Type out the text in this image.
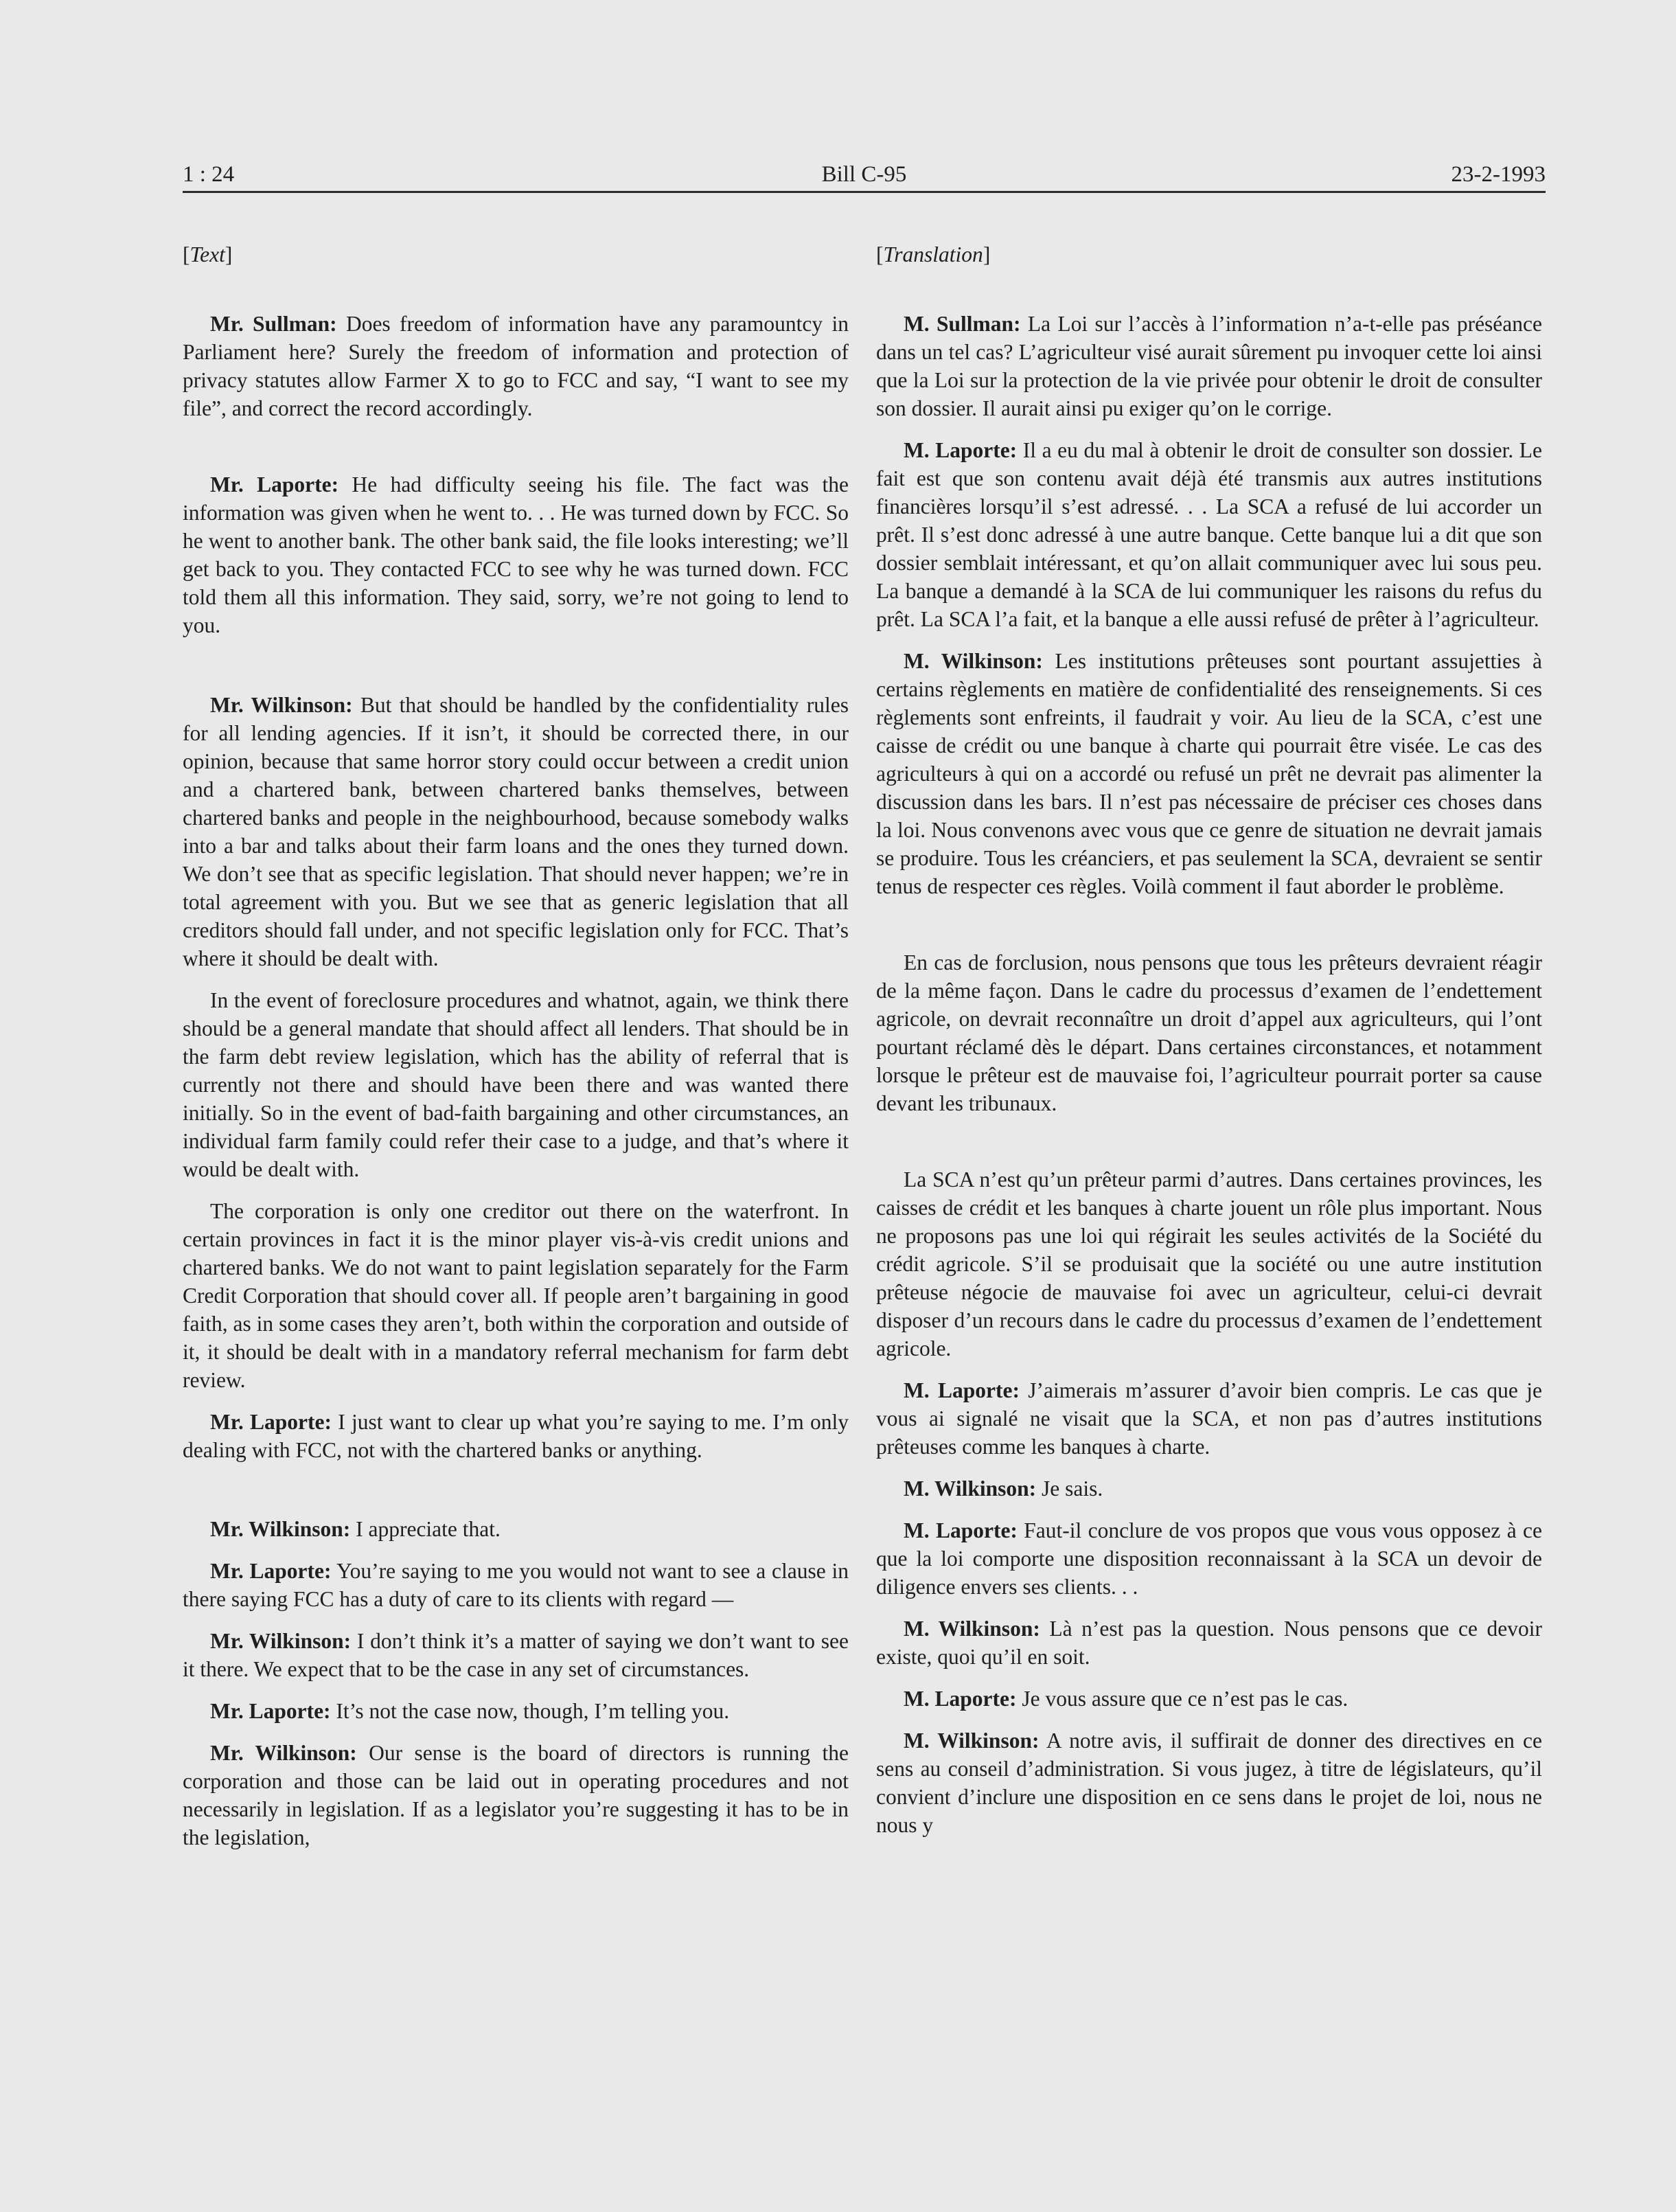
1 : 24	Bill C-95	23-2-1993
[Text]

Mr. Sullman: Does freedom of information have any paramountcy in Parliament here? Surely the freedom of information and protection of privacy statutes allow Farmer X to go to FCC and say, “I want to see my file”, and correct the record accordingly.

Mr. Laporte: He had difficulty seeing his file. The fact was the information was given when he went to. . . He was turned down by FCC. So he went to another bank. The other bank said, the file looks interesting; we’ll get back to you. They contacted FCC to see why he was turned down. FCC told them all this information. They said, sorry, we’re not going to lend to you.

Mr. Wilkinson: But that should be handled by the confidentiality rules for all lending agencies. If it isn’t, it should be corrected there, in our opinion, because that same horror story could occur between a credit union and a chartered bank, between chartered banks themselves, between chartered banks and people in the neighbourhood, because somebody walks into a bar and talks about their farm loans and the ones they turned down. We don’t see that as specific legislation. That should never happen; we’re in total agreement with you. But we see that as generic legislation that all creditors should fall under, and not specific legislation only for FCC. That’s where it should be dealt with.

In the event of foreclosure procedures and whatnot, again, we think there should be a general mandate that should affect all lenders. That should be in the farm debt review legislation, which has the ability of referral that is currently not there and should have been there and was wanted there initially. So in the event of bad-faith bargaining and other circumstances, an individual farm family could refer their case to a judge, and that’s where it would be dealt with.

The corporation is only one creditor out there on the waterfront. In certain provinces in fact it is the minor player vis-à-vis credit unions and chartered banks. We do not want to paint legislation separately for the Farm Credit Corporation that should cover all. If people aren’t bargaining in good faith, as in some cases they aren’t, both within the corporation and outside of it, it should be dealt with in a mandatory referral mechanism for farm debt review.

Mr. Laporte: I just want to clear up what you’re saying to me. I’m only dealing with FCC, not with the chartered banks or anything.

Mr. Wilkinson: I appreciate that.

Mr. Laporte: You’re saying to me you would not want to see a clause in there saying FCC has a duty of care to its clients with regard —

Mr. Wilkinson: I don’t think it’s a matter of saying we don’t want to see it there. We expect that to be the case in any set of circumstances.

Mr. Laporte: It’s not the case now, though, I’m telling you.

Mr. Wilkinson: Our sense is the board of directors is running the corporation and those can be laid out in operating procedures and not necessarily in legislation. If as a legislator you’re suggesting it has to be in the legislation,

[Translation]

M. Sullman: La Loi sur l’accès à l’information n’a-t-elle pas préséance dans un tel cas? L’agriculteur visé aurait sûrement pu invoquer cette loi ainsi que la Loi sur la protection de la vie privée pour obtenir le droit de consulter son dossier. Il aurait ainsi pu exiger qu’on le corrige.

M. Laporte: Il a eu du mal à obtenir le droit de consulter son dossier. Le fait est que son contenu avait déjà été transmis aux autres institutions financières lorsqu’il s’est adressé. . . La SCA a refusé de lui accorder un prêt. Il s’est donc adressé à une autre banque. Cette banque lui a dit que son dossier semblait intéressant, et qu’on allait communiquer avec lui sous peu. La banque a demandé à la SCA de lui communiquer les raisons du refus du prêt. La SCA l’a fait, et la banque a elle aussi refusé de prêter à l’agriculteur.

M. Wilkinson: Les institutions prêteuses sont pourtant assujetties à certains règlements en matière de confidentialité des renseignements. Si ces règlements sont enfreints, il faudrait y voir. Au lieu de la SCA, c’est une caisse de crédit ou une banque à charte qui pourrait être visée. Le cas des agriculteurs à qui on a accordé ou refusé un prêt ne devrait pas alimenter la discussion dans les bars. Il n’est pas nécessaire de préciser ces choses dans la loi. Nous convenons avec vous que ce genre de situation ne devrait jamais se produire. Tous les créanciers, et pas seulement la SCA, devraient se sentir tenus de respecter ces règles. Voilà comment il faut aborder le problème.

En cas de forclusion, nous pensons que tous les prêteurs devraient réagir de la même façon. Dans le cadre du processus d’examen de l’endettement agricole, on devrait reconnaître un droit d’appel aux agriculteurs, qui l’ont pourtant réclamé dès le départ. Dans certaines circonstances, et notamment lorsque le prêteur est de mauvaise foi, l’agriculteur pourrait porter sa cause devant les tribunaux.

La SCA n’est qu’un prêteur parmi d’autres. Dans certaines provinces, les caisses de crédit et les banques à charte jouent un rôle plus important. Nous ne proposons pas une loi qui régirait les seules activités de la Société du crédit agricole. S’il se produisait que la société ou une autre institution prêteuse négocie de mauvaise foi avec un agriculteur, celui-ci devrait disposer d’un recours dans le cadre du processus d’examen de l’endettement agricole.

M. Laporte: J’aimerais m’assurer d’avoir bien compris. Le cas que je vous ai signalé ne visait que la SCA, et non pas d’autres institutions prêteuses comme les banques à charte.

M. Wilkinson: Je sais.

M. Laporte: Faut-il conclure de vos propos que vous vous opposez à ce que la loi comporte une disposition reconnaissant à la SCA un devoir de diligence envers ses clients. . .

M. Wilkinson: Là n’est pas la question. Nous pensons que ce devoir existe, quoi qu’il en soit.

M. Laporte: Je vous assure que ce n’est pas le cas.

M. Wilkinson: A notre avis, il suffirait de donner des directives en ce sens au conseil d’administration. Si vous jugez, à titre de législateurs, qu’il convient d’inclure une disposition en ce sens dans le projet de loi, nous ne nous y
